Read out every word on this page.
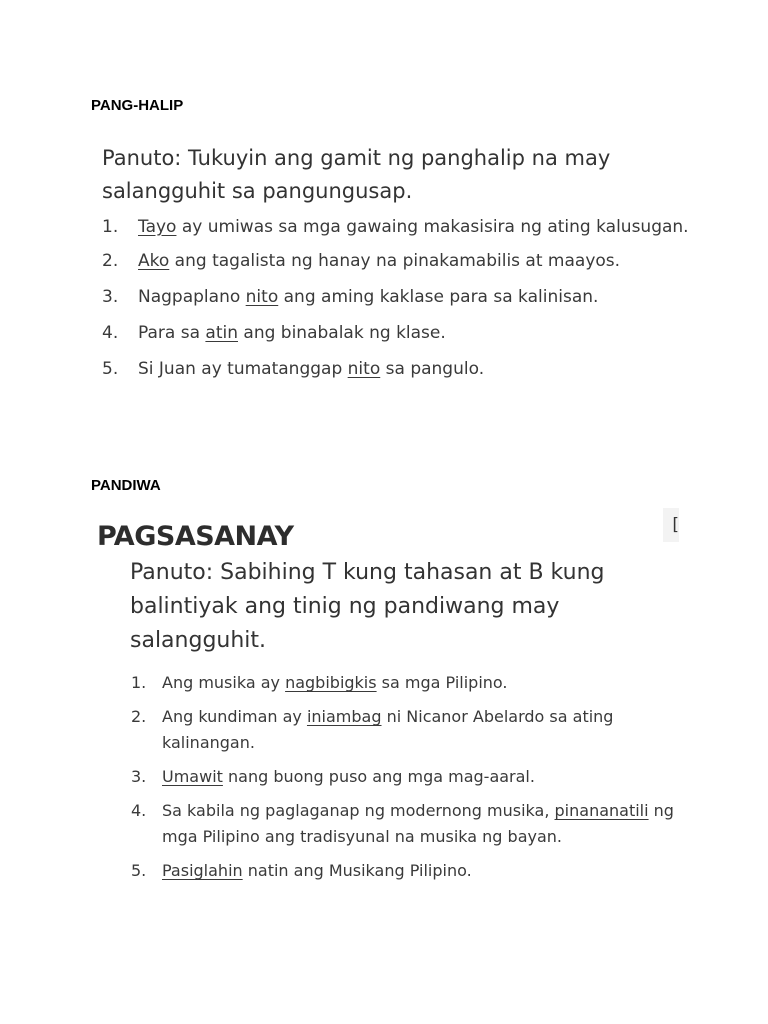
PANG-HALIP

Panuto: Tukuyin ang gamit ng panghalip na may salangguhit sa pangungusap.

1.	Tayo ay umiwas sa mga gawaing makasisira ng ating kalusugan.
2.	Ako ang tagalista ng hanay na pinakamabilis at maayos.
3.	Nagpaplano nito ang aming kaklase para sa kalinisan.
4.	Para sa atin ang binabalak ng klase.
5.	Si Juan ay tumatanggap nito sa pangulo.
PANDIWA
[
PAGSASANAY

Panuto: Sabihing T kung tahasan at B kung balintiyak ang tinig ng pandiwang may salangguhit.

1. Ang musika ay nagbibigkis sa mga Pilipino.
2. Ang kundiman ay iniambag ni Nicanor Abelardo sa ating kalinangan.
3. Umawit nang buong puso ang mga mag-aaral.
4. Sa kabila ng paglaganap ng modernong musika, pinananatili ng mga Pilipino ang tradisyunal na musika ng bayan.
5. Pasiglahin natin ang Musikang Pilipino.
